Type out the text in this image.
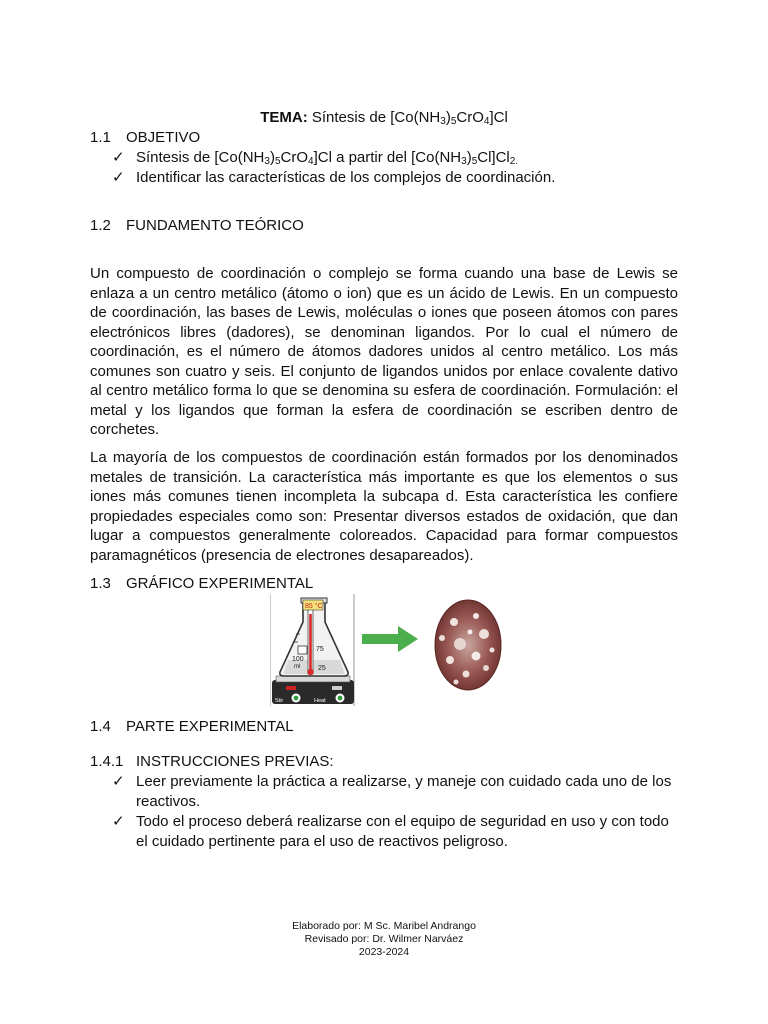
TEMA: Síntesis de $[Co(NH_3)_5CrO_4]Cl$
1.1 OBJETIVO
✓ Síntesis de $[Co(NH_3)_5CrO_4]Cl$ a partir del $[Co(NH_3)_5Cl]Cl_{2.}$
✓ Identificar las características de los complejos de coordinación.
1.2 FUNDAMENTO TEÓRICO

Un compuesto de coordinación o complejo se forma cuando una base de Lewis se enlaza a un centro metálico (átomo o ion) que es un ácido de Lewis. En un compuesto de coordinación, las bases de Lewis, moléculas o iones que poseen átomos con pares electrónicos libres (dadores), se denominan ligandos. Por lo cual el número de coordinación, es el número de átomos dadores unidos al centro metálico. Los más comunes son cuatro y seis. El conjunto de ligandos unidos por enlace covalente dativo al centro metálico forma lo que se denomina su esfera de coordinación. Formulación: el metal y los ligandos que forman la esfera de coordinación se escriben dentro de corchetes.

La mayoría de los compuestos de coordinación están formados por los denominados metales de transición. La característica más importante es que los elementos o sus iones más comunes tienen incompleta la subcapa d. Esta característica les confiere propiedades especiales como son: Presentar diversos estados de oxidación, que dan lugar a compuestos generalmente coloreados. Capacidad para formar compuestos paramagnéticos (presencia de electrones desapareados).

1.3 GRÁFICO EXPERIMENTAL
Stir	Heat
75
100
ml	25
85 °C
1.4 PARTE EXPERIMENTAL
1.4.1 INSTRUCCIONES PREVIAS:
✓ Leer previamente la práctica a realizarse, y maneje con cuidado cada uno de los reactivos.
✓ Todo el proceso deberá realizarse con el equipo de seguridad en uso y con todo el cuidado pertinente para el uso de reactivos peligroso.
Elaborado por: M Sc. Maribel Andrango
Revisado por: Dr. Wilmer Narváez
2023-2024
